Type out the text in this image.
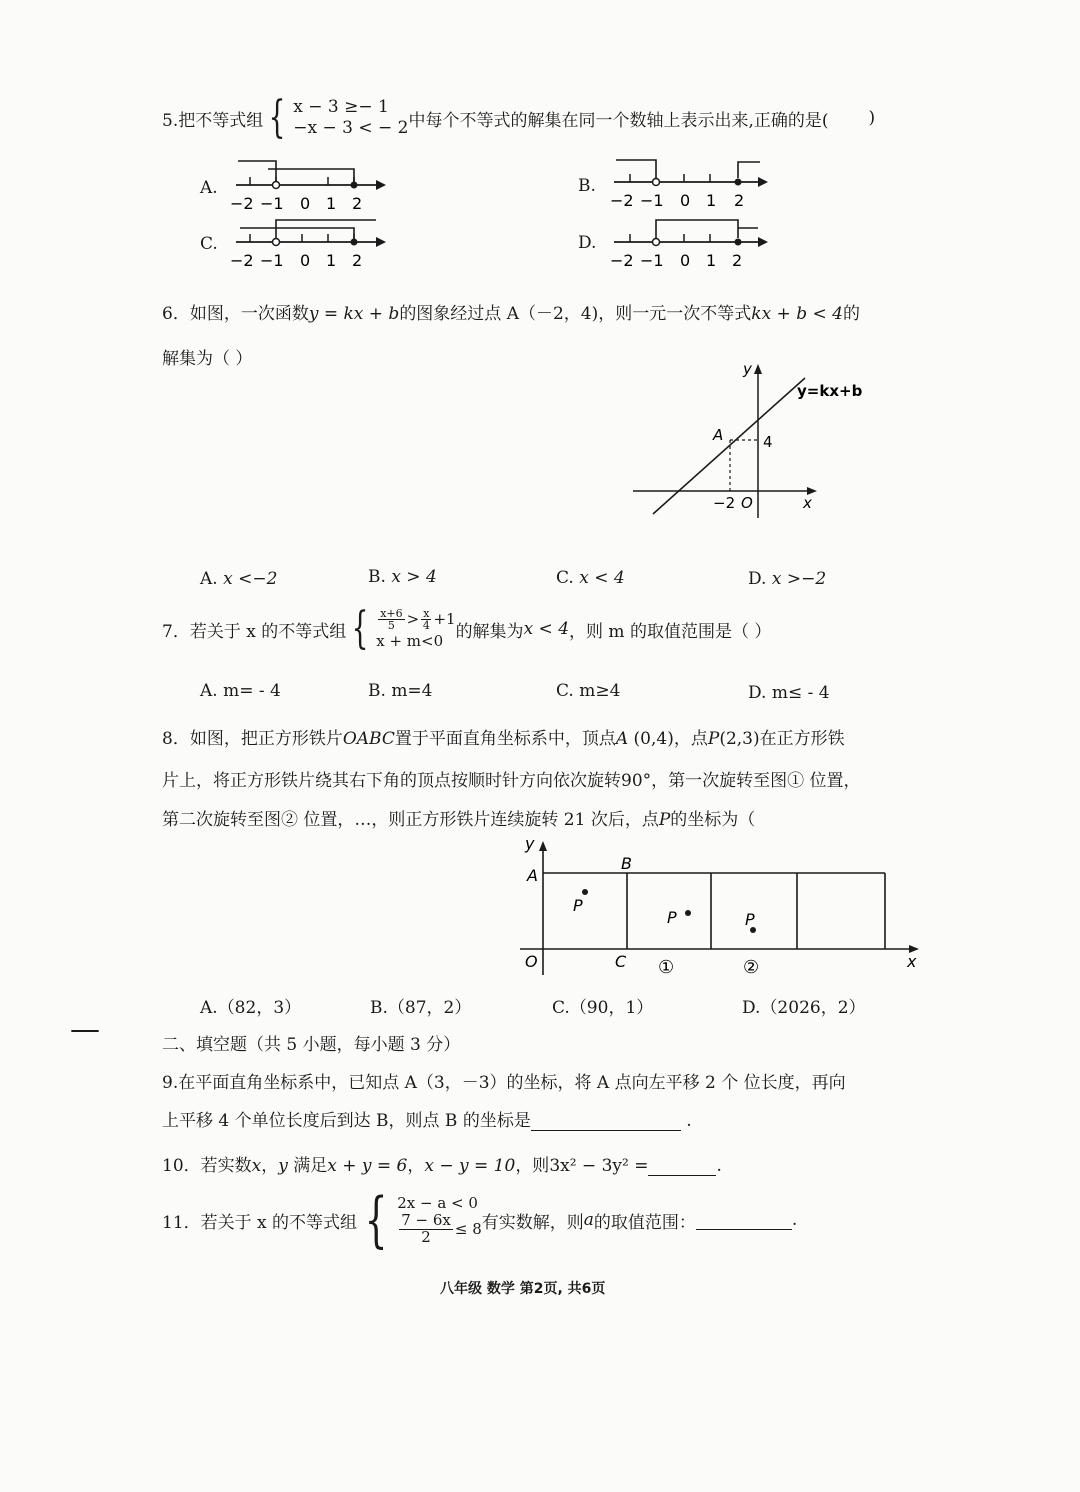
5.把不等式组 { x − 3 ≥− 1
−x − 3 < − 2 中每个不等式的解集在同一个数轴上表示出来,正确的是( )
A.	B.
C.	D.
−2 −1 0 1 2	−2 −1 0 1 2
−2 −1 0 1 2	−2 −1 0 1 2
6．如图，一次函数y = kx + b的图象经过点 A（－2，4)，则一元一次不等式kx + b < 4的
解集为（ ）	y
x
y=kx+b
A	4
−2 O
A. x <−2	B. x > 4	C. x < 4	D. x >−2
7．若关于 x 的不等式组 { $\frac{x+6}{5} > \frac{x}{4} +1$
x + m<0 的解集为 x < 4 ，则 m 的取值范围是（ ）
A. m= - 4	B. m=4	C. m≥4	D. m≤ - 4
8．如图，把正方形铁片OABC置于平面直角坐标系中，顶点A (0,4)，点P(2,3)在正方形铁
片上，将正方形铁片绕其右下角的顶点按顺时针方向依次旋转90°，第一次旋转至图① 位置，
第二次旋转至图② 位置，…，则正方形铁片连续旋转 21 次后，点P的坐标为（
y
x
O
A
B
C
P
P	P
①	②
A.（82，3）	B.（87，2）	C.（90，1）	D.（2026，2）
—	二、填空题（共 5 小题，每小题 3 分）
9.在平面直角坐标系中，已知点 A（3，－3）的坐标，将 A 点向左平移 2 个 位长度，再向
上平移 4 个单位长度后到达 B，则点 B 的坐标是	.
10．若实数x，y 满足x + y = 6，x − y = 10，则3x² − 3y² =	.
11．若关于 x 的不等式组 { 2x − a < 0
$\frac{7 - 6x}{2} \le 8$ 有实数解，则 a 的取值范围：	.
八年级 数学 第2页, 共6页
